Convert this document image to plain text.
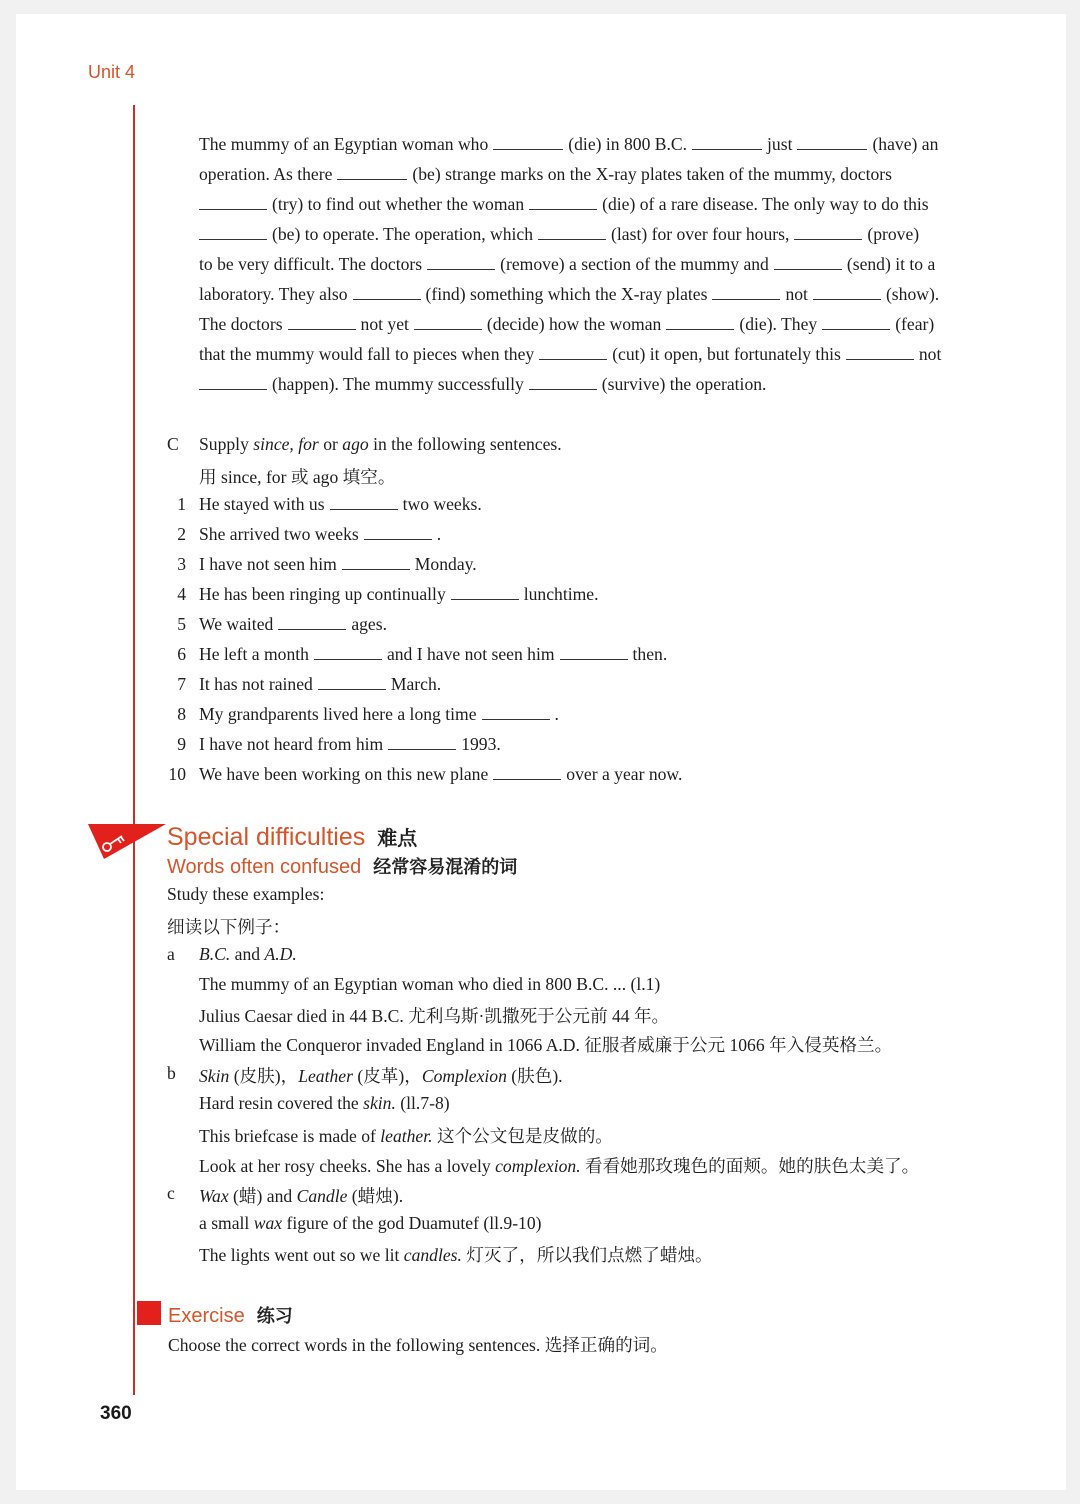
Unit 4
The mummy of an Egyptian woman who	(die) in 800 B.C.	just	(have) an
operation. As there	(be) strange marks on the X-ray plates taken of the mummy, doctors
(try) to find out whether the woman	(die) of a rare disease. The only way to do this
(be) to operate. The operation, which	(last) for over four hours,	(prove)
to be very difficult. The doctors	(remove) a section of the mummy and	(send) it to a
laboratory. They also	(find) something which the X-ray plates	not	(show).
The doctors	not yet	(decide) how the woman	(die). They	(fear)
that the mummy would fall to pieces when they	(cut) it open, but fortunately this	not
(happen). The mummy successfully	(survive) the operation.
C Supply since, for or ago in the following sentences.
用 since, for 或 ago 填空。
1 He stayed with us	two weeks.
2 She arrived two weeks	.
3 I have not seen him	Monday.
4 He has been ringing up continually	lunchtime.
5 We waited	ages.
6 He left a month	and I have not seen him	then.
7 It has not rained	March.
8 My grandparents lived here a long time	.
9 I have not heard from him	1993.
10 We have been working on this new plane	over a year now.
Special difficulties 难点
Words often confused 经常容易混淆的词
Study these examples:
细读以下例子：
a B.C. and A.D.
The mummy of an Egyptian woman who died in 800 B.C. ... (l.1)
Julius Caesar died in 44 B.C. 尤利乌斯·凯撒死于公元前 44 年。
William the Conqueror invaded England in 1066 A.D. 征服者威廉于公元 1066 年入侵英格兰。
b Skin (皮肤)，Leather (皮革)，Complexion (肤色).
Hard resin covered the skin. (ll.7-8)
This briefcase is made of leather. 这个公文包是皮做的。
Look at her rosy cheeks. She has a lovely complexion. 看看她那玫瑰色的面颊。她的肤色太美了。
c Wax (蜡) and Candle (蜡烛).
a small wax figure of the god Duamutef (ll.9-10)
The lights went out so we lit candles. 灯灭了，所以我们点燃了蜡烛。
Exercise 练习
Choose the correct words in the following sentences. 选择正确的词。
360
